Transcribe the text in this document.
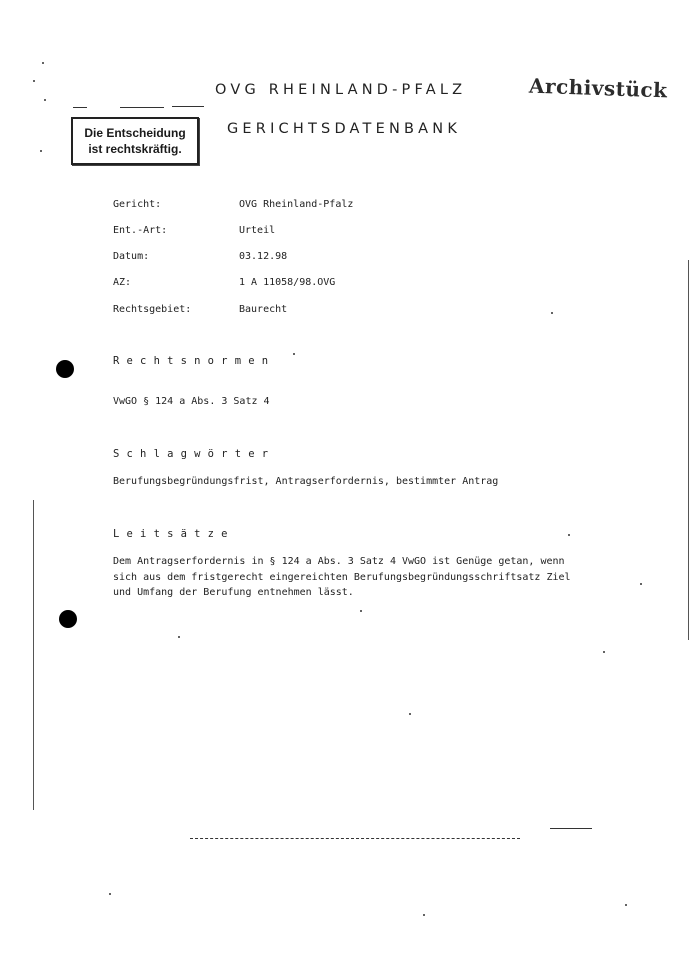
OVG RHEINLAND-PFALZ
GERICHTSDATENBANK
Archivstück
Die Entscheidung
ist rechtskräftig.
Gericht:	OVG Rheinland-Pfalz
Ent.-Art:	Urteil
Datum:	03.12.98
AZ:	1 A 11058/98.OVG
Rechtsgebiet:	Baurecht
Rechtsnormen
VwGO § 124 a Abs. 3 Satz 4
Schlagwörter
Berufungsbegründungsfrist, Antragserfordernis, bestimmter Antrag
Leitsätze
Dem Antragserfordernis in § 124 a Abs. 3 Satz 4 VwGO ist Genüge getan, wenn
sich aus dem fristgerecht eingereichten Berufungsbegründungsschriftsatz Ziel
und Umfang der Berufung entnehmen lässt.
